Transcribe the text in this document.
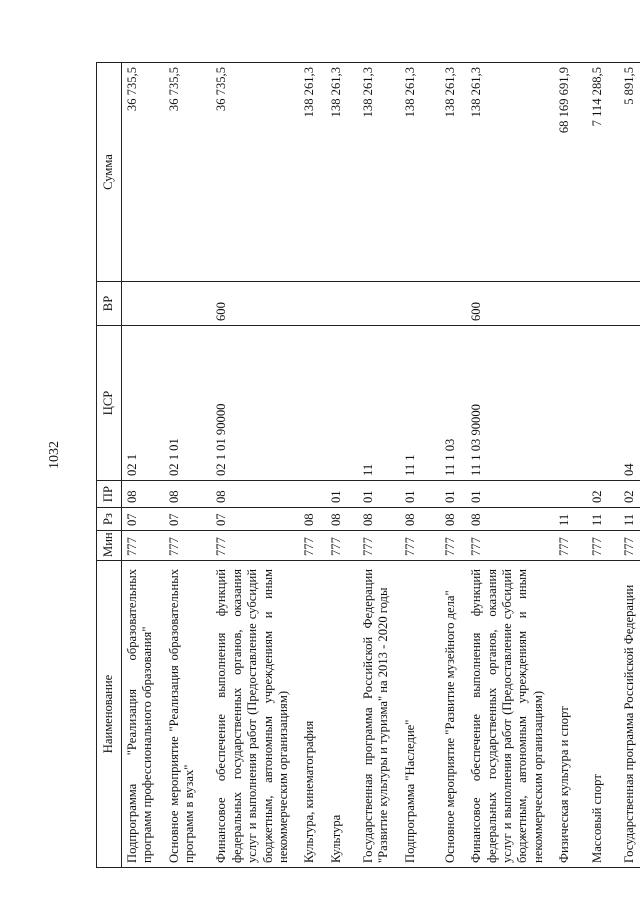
1032
Наименование	Мин	Рз	ПР	ЦСР	ВР	Сумма
Подпрограмма "Реализация образовательных программ профессионального образования"	777	07	08	02 1		36 735,5
Основное мероприятие "Реализация образовательных программ в вузах"	777	07	08	02 1 01		36 735,5
Финансовое обеспечение выполнения функций федеральных государственных органов, оказания услуг и выполнения работ (Предоставление субсидий бюджетным, автономным учреждениям и иным некоммерческим организациям)	777	07	08	02 1 01 90000	600	36 735,5
Культура, кинематография	777	08				138 261,3
Культура	777	08	01			138 261,3
Государственная программа Российской Федерации "Развитие культуры и туризма" на 2013 - 2020 годы	777	08	01	11		138 261,3
Подпрограмма "Наследие"	777	08	01	11 1		138 261,3
Основное мероприятие "Развитие музейного дела"	777	08	01	11 1 03		138 261,3
Финансовое обеспечение выполнения функций федеральных государственных органов, оказания услуг и выполнения работ (Предоставление субсидий бюджетным, автономным учреждениям и иным некоммерческим организациям)	777	08	01	11 1 03 90000	600	138 261,3
Физическая культура и спорт	777	11				68 169 691,9
Массовый спорт	777	11	02			7 114 288,5
Государственная программа Российской Федерации	777	11	02	04		5 891,5
